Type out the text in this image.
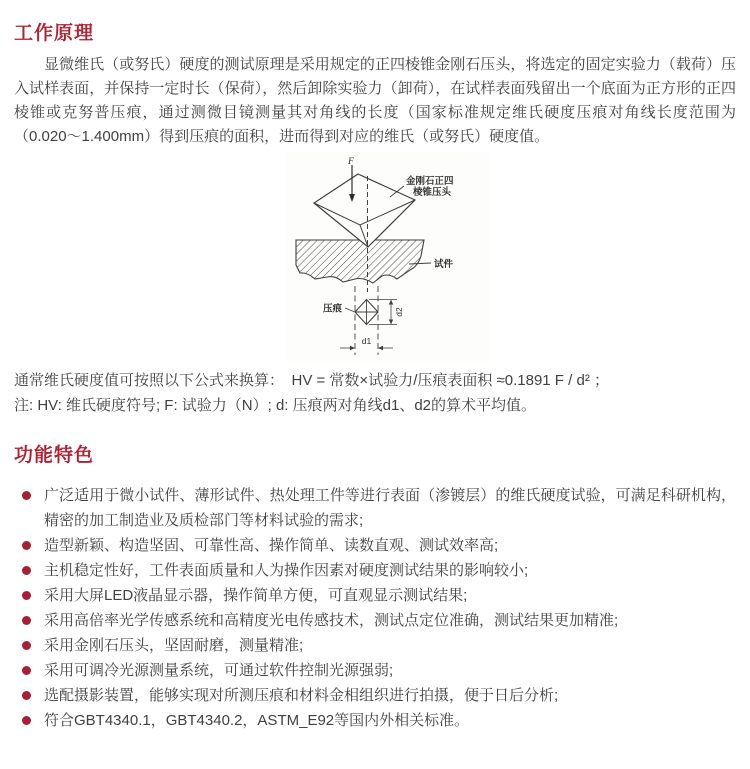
工作原理

显微维氏（或努氏）硬度的测试原理是采用规定的正四棱锥金刚石压头，将选定的固定实验力（载荷）压入试样表面，并保持一定时长（保荷），然后卸除实验力（卸荷），在试样表面残留出一个底面为正方形的正四棱锥或克努普压痕，通过测微目镜测量其对角线的长度（国家标准规定维氏硬度压痕对角线长度范围为（0.020～1.400mm）得到压痕的面积，进而得到对应的维氏（或努氏）硬度值。

F
金刚石正四
棱锥压头
试件
压痕	d2
d1
通常维氏硬度值可按照以下公式来换算：　HV = 常数×试验力/压痕表面积 ≈0.1891 F / d² ；
注: HV: 维氏硬度符号; F: 试验力（N）; d: 压痕两对角线d1、d2的算术平均值。
功能特色
广泛适用于微小试件、薄形试件、热处理工件等进行表面（渗镀层）的维氏硬度试验，可满足科研机构，精密的加工制造业及质检部门等材料试验的需求;
造型新颖、构造坚固、可靠性高、操作简单、读数直观、测试效率高;
主机稳定性好，工件表面质量和人为操作因素对硬度测试结果的影响较小;
采用大屏LED液晶显示器，操作简单方便，可直观显示测试结果;
采用高倍率光学传感系统和高精度光电传感技术，测试点定位准确，测试结果更加精准;
采用金刚石压头，坚固耐磨，测量精准;
采用可调冷光源测量系统，可通过软件控制光源强弱;
选配摄影装置，能够实现对所测压痕和材料金相组织进行拍摄，便于日后分析;
符合GBT4340.1，GBT4340.2，ASTM_E92等国内外相关标准。
